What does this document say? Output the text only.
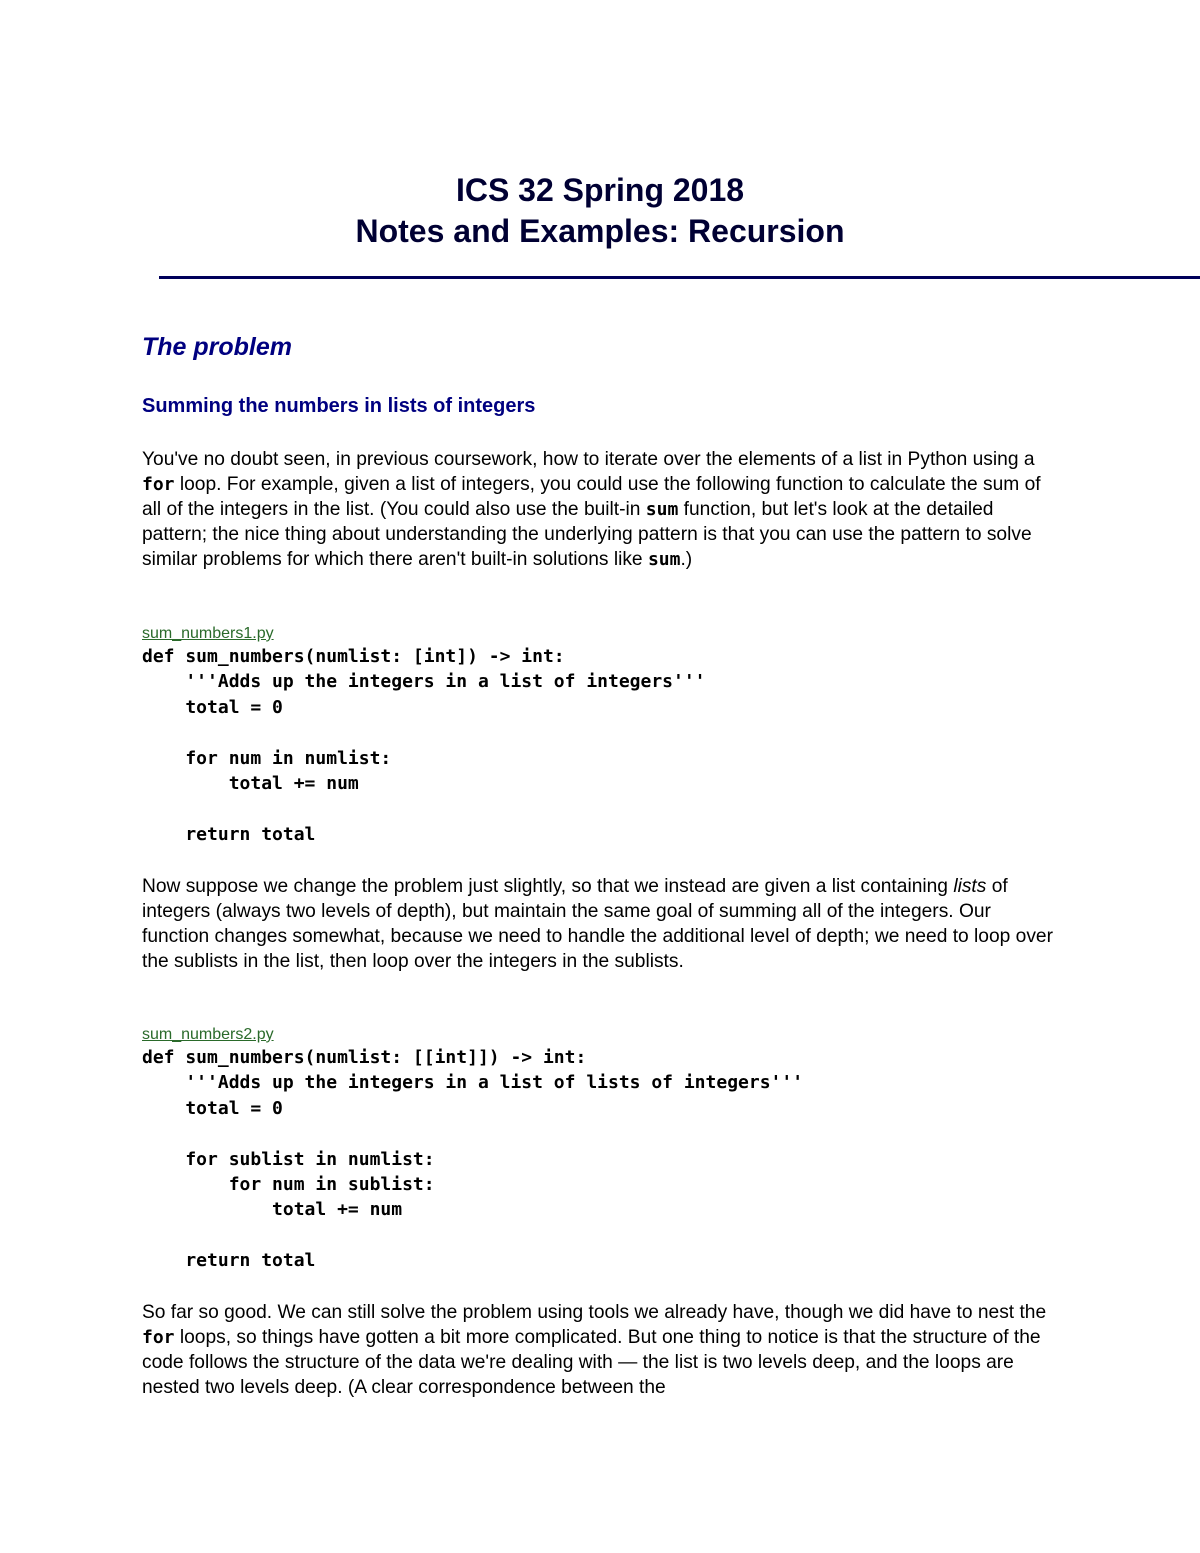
ICS 32 Spring 2018
Notes and Examples: Recursion
The problem
Summing the numbers in lists of integers

You've no doubt seen, in previous coursework, how to iterate over the elements of a list in Python using a for loop. For example, given a list of integers, you could use the following function to calculate the sum of all of the integers in the list. (You could also use the built-in sum function, but let's look at the detailed pattern; the nice thing about understanding the underlying pattern is that you can use the pattern to solve similar problems for which there aren't built-in solutions like sum.)

sum_numbers1.py
def sum_numbers(numlist: [int]) -> int:
'''Adds up the integers in a list of integers'''
total = 0

for num in numlist:
total += num

return total

Now suppose we change the problem just slightly, so that we instead are given a list containing lists of integers (always two levels of depth), but maintain the same goal of summing all of the integers. Our function changes somewhat, because we need to handle the additional level of depth; we need to loop over the sublists in the list, then loop over the integers in the sublists.

sum_numbers2.py
def sum_numbers(numlist: [[int]]) -> int:
'''Adds up the integers in a list of lists of integers'''
total = 0

for sublist in numlist:
for num in sublist:
total += num

return total

So far so good. We can still solve the problem using tools we already have, though we did have to nest the for loops, so things have gotten a bit more complicated. But one thing to notice is that the structure of the code follows the structure of the data we're dealing with — the list is two levels deep, and the loops are nested two levels deep. (A clear correspondence between the
